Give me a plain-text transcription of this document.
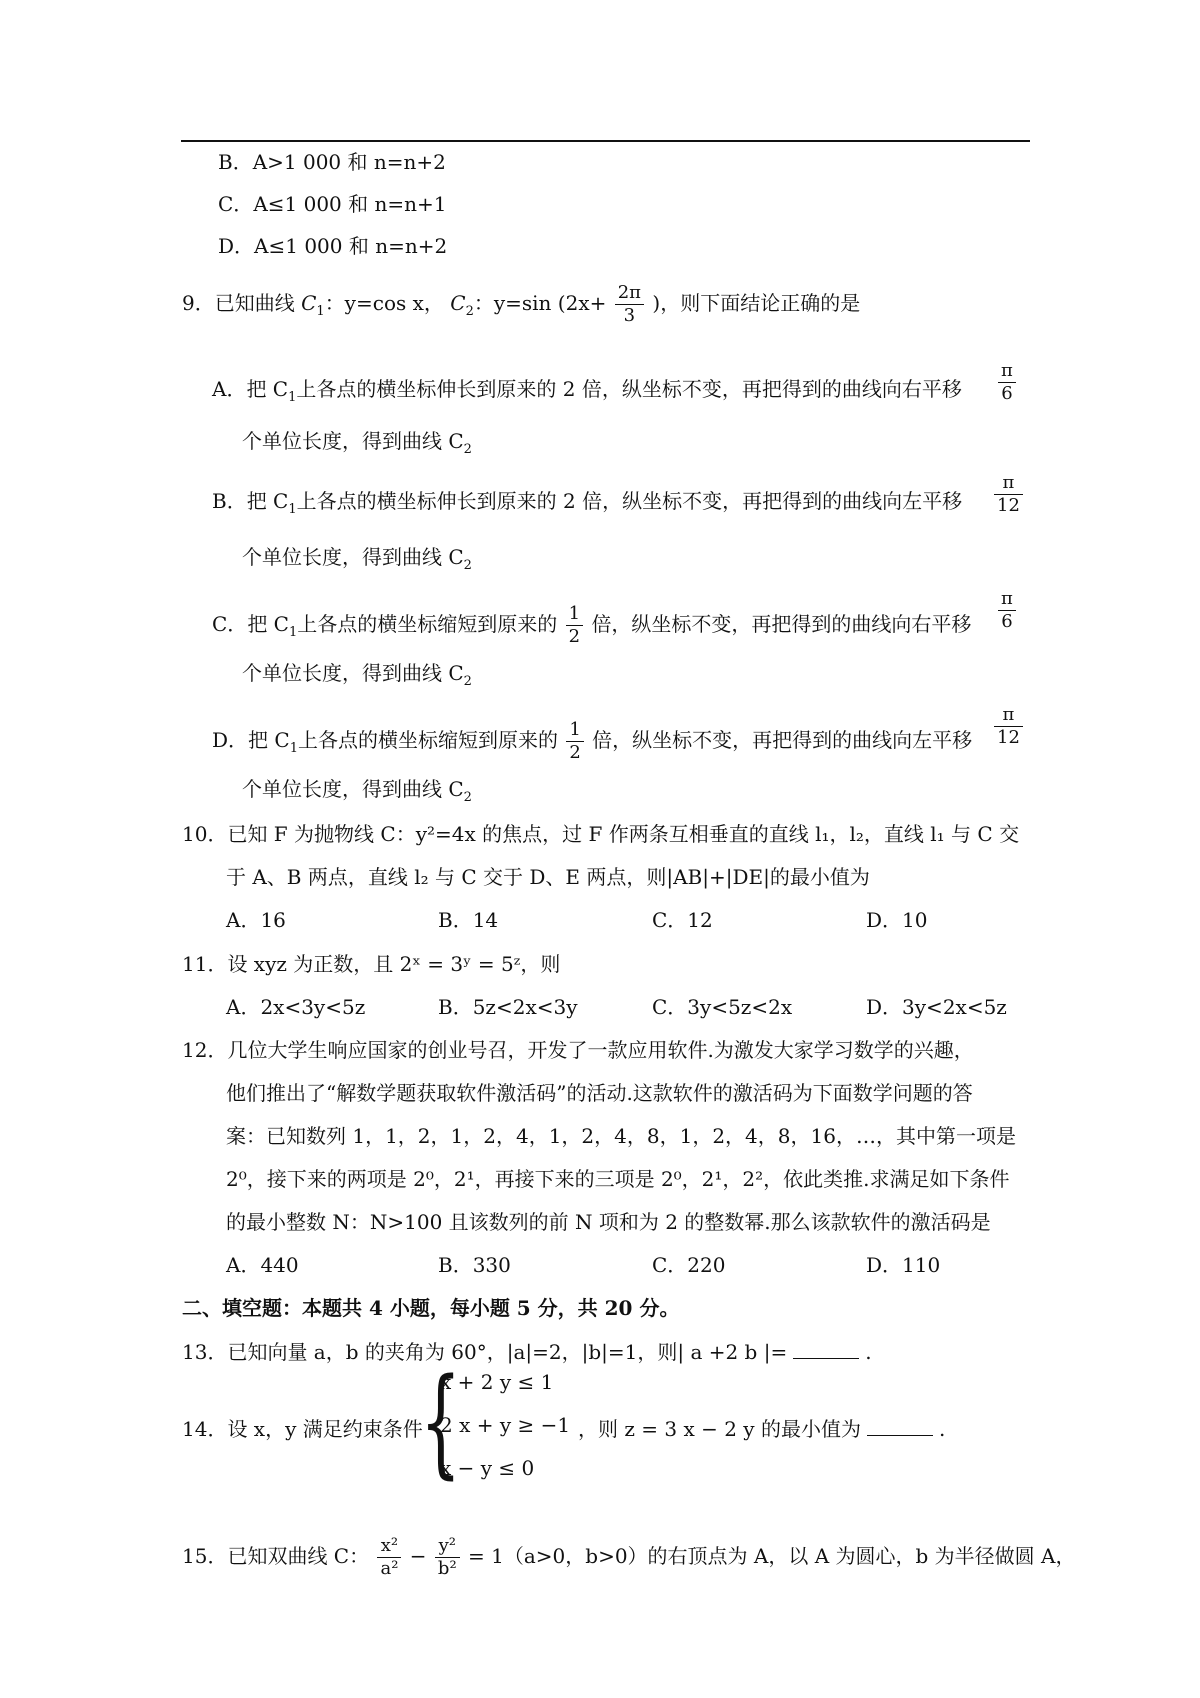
B．A>1 000 和 n=n+2
C．A≤1 000 和 n=n+1
D．A≤1 000 和 n=n+2
9．已知曲线 $C_1$：y=cos x， $C_2$：y=sin ($2x+ \frac{2\pi}{3}$ )，则下面结论正确的是
A．把 $C_1$上各点的横坐标伸长到原来的 2 倍，纵坐标不变，再把得到的曲线向右平移 $\frac{\pi}{6}$
个单位长度，得到曲线 $C_2$
B．把 $C_1$上各点的横坐标伸长到原来的 2 倍，纵坐标不变，再把得到的曲线向左平移 $\frac{\pi}{12}$
个单位长度，得到曲线 $C_2$
C．把 $C_1$上各点的横坐标缩短到原来的 $\frac{1}{2}$ 倍，纵坐标不变，再把得到的曲线向右平移 $\frac{\pi}{6}$
个单位长度，得到曲线 $C_2$
D．把 $C_1$上各点的横坐标缩短到原来的 $\frac{1}{2}$ 倍，纵坐标不变，再把得到的曲线向左平移 $\frac{\pi}{12}$
个单位长度，得到曲线 $C_2$
10．已知 F 为抛物线 C：y²=4x 的焦点，过 F 作两条互相垂直的直线 l₁，l₂，直线 l₁ 与 C 交
于 A、B 两点，直线 l₂ 与 C 交于 D、E 两点，则|AB|+|DE|的最小值为
A．16	B．14	C．12	D．10
11．设 xyz 为正数，且 2ˣ = 3ʸ = 5ᶻ，则
A．2x<3y<5z	B．5z<2x<3y	C．3y<5z<2x	D．3y<2x<5z
12．几位大学生响应国家的创业号召，开发了一款应用软件.为激发大家学习数学的兴趣，
他们推出了“解数学题获取软件激活码”的活动.这款软件的激活码为下面数学问题的答
案：已知数列 1，1，2，1，2，4，1，2，4，8，1，2，4，8，16，…，其中第一项是
2⁰，接下来的两项是 2⁰，2¹，再接下来的三项是 2⁰，2¹，2²，依此类推.求满足如下条件
的最小整数 N：N>100 且该数列的前 N 项和为 2 的整数幂.那么该款软件的激活码是
A．440	B．330	C．220	D．110
二、填空题：本题共 4 小题，每小题 5 分，共 20 分。
13．已知向量 a，b 的夹角为 60°，|a|=2，|b|=1，则| a +2 b |=	.
14．设 x，y 满足约束条件
{
x + 2 y ≤ 1
2 x + y ≥ −1
x − y ≤ 0
，则 z = 3 x − 2 y 的最小值为	.
15．已知双曲线 C： $\frac{\text{x²}}{\text{a²}} - \frac{\text{y²}}{\text{b²}} = 1(a>0$，b>0）的右顶点为 A，以 A 为圆心，b 为半径做圆 A，
